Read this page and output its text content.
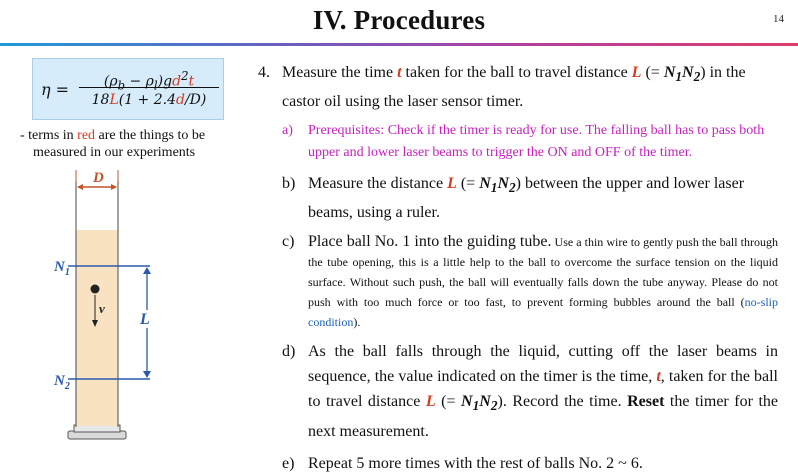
IV. Procedures	14
$\eta = \frac{(\rho_b - \rho_l)gd^2t}{18L(1 + 2.4d/D)}$
- terms in red are the things to be
measured in our experiments
D
$N_1$
$N_2$
L
v
4. Measure the time t taken for the ball to travel distance L (= $N_1N_2$) in the castor oil using the laser sensor timer.
a) Prerequisites: Check if the timer is ready for use. The falling ball has to pass both upper and lower laser beams to trigger the ON and OFF of the timer.
b) Measure the distance L (= $N_1N_2$) between the upper and lower laser beams, using a ruler.
c) Place ball No. 1 into the guiding tube. Use a thin wire to gently push the ball through the tube opening, this is a little help to the ball to overcome the surface tension on the liquid surface. Without such push, the ball will eventually falls down the tube anyway. Please do not push with too much force or too fast, to prevent forming bubbles around the ball (no-slip condition).
d) As the ball falls through the liquid, cutting off the laser beams in sequence, the value indicated on the timer is the time, t, taken for the ball to travel distance L (= $N_1N_2$). Record the time. Reset the timer for the next measurement.
e) Repeat 5 more times with the rest of balls No. 2 ~ 6.
